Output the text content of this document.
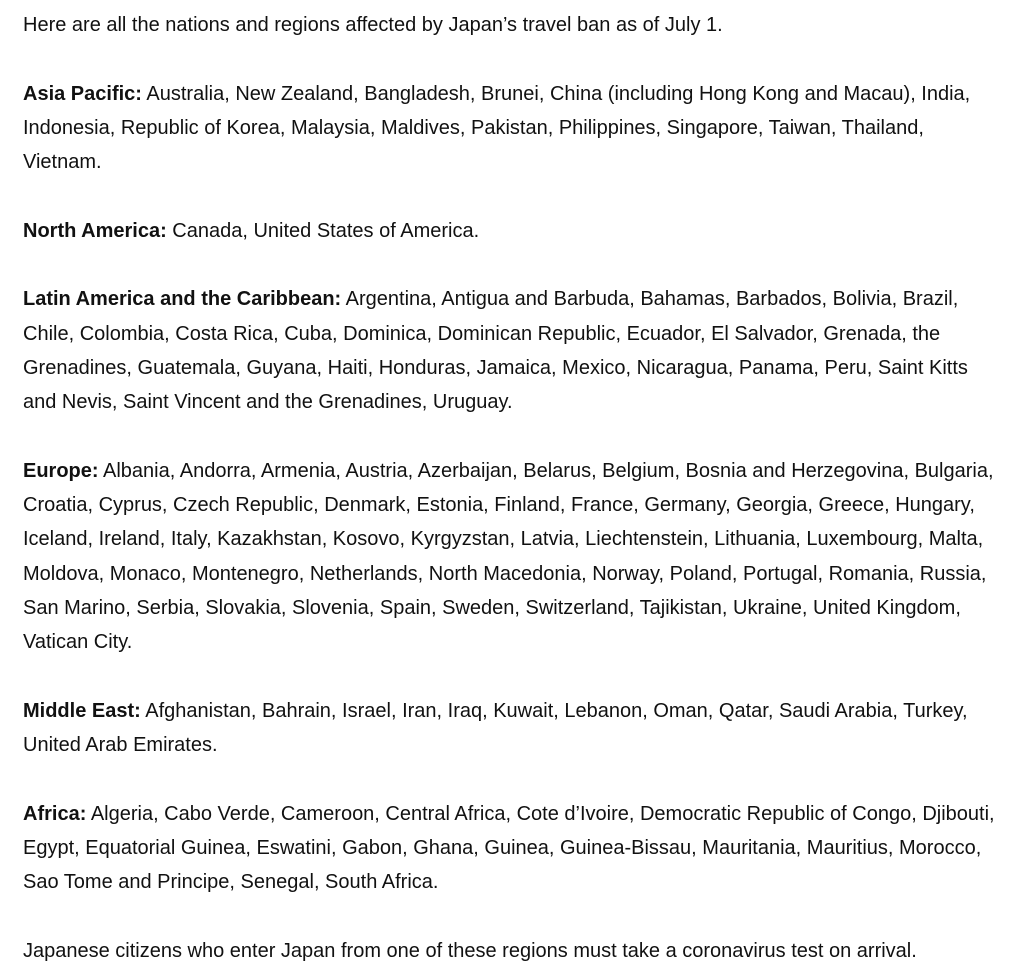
Here are all the nations and regions affected by Japan’s travel ban as of July 1.

Asia Pacific: Australia, New Zealand, Bangladesh, Brunei, China (including Hong Kong and Macau), India, Indonesia, Republic of Korea, Malaysia, Maldives, Pakistan, Philippines, Singapore, Taiwan, Thailand, Vietnam.

North America: Canada, United States of America.

Latin America and the Caribbean: Argentina, Antigua and Barbuda, Bahamas, Barbados, Bolivia, Brazil, Chile, Colombia, Costa Rica, Cuba, Dominica, Dominican Republic, Ecuador, El Salvador, Grenada, the Grenadines, Guatemala, Guyana, Haiti, Honduras, Jamaica, Mexico, Nicaragua, Panama, Peru, Saint Kitts and Nevis, Saint Vincent and the Grenadines, Uruguay.

Europe: Albania, Andorra, Armenia, Austria, Azerbaijan, Belarus, Belgium, Bosnia and Herzegovina, Bulgaria, Croatia, Cyprus, Czech Republic, Denmark, Estonia, Finland, France, Germany, Georgia, Greece, Hungary, Iceland, Ireland, Italy, Kazakhstan, Kosovo, Kyrgyzstan, Latvia, Liechtenstein, Lithuania, Luxembourg, Malta, Moldova, Monaco, Montenegro, Netherlands, North Macedonia, Norway, Poland, Portugal, Romania, Russia, San Marino, Serbia, Slovakia, Slovenia, Spain, Sweden, Switzerland, Tajikistan, Ukraine, United Kingdom, Vatican City.

Middle East: Afghanistan, Bahrain, Israel, Iran, Iraq, Kuwait, Lebanon, Oman, Qatar, Saudi Arabia, Turkey, United Arab Emirates.

Africa: Algeria, Cabo Verde, Cameroon, Central Africa, Cote d’Ivoire, Democratic Republic of Congo, Djibouti, Egypt, Equatorial Guinea, Eswatini, Gabon, Ghana, Guinea, Guinea-Bissau, Mauritania, Mauritius, Morocco, Sao Tome and Principe, Senegal, South Africa.

Japanese citizens who enter Japan from one of these regions must take a coronavirus test on arrival.
